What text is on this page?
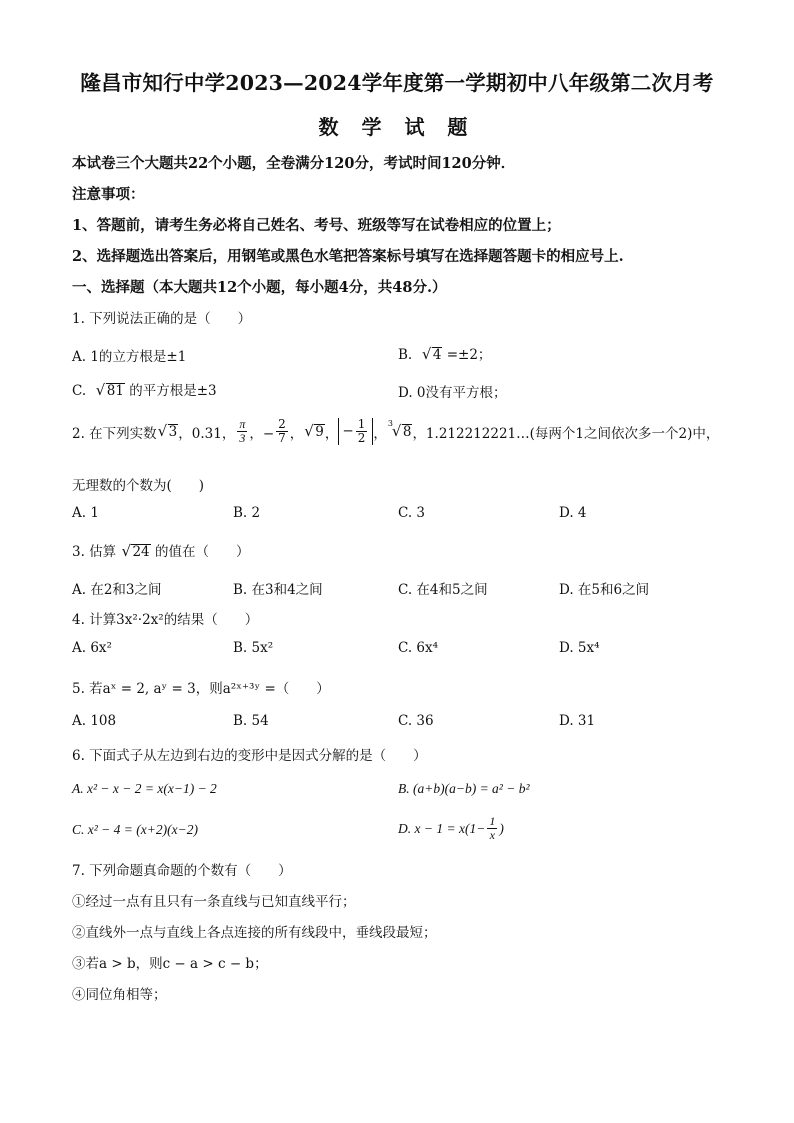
隆昌市知行中学2023—2024学年度第一学期初中八年级第二次月考
数 学 试 题
本试卷三个大题共22个小题，全卷满分120分，考试时间120分钟．
注意事项：
1、答题前，请考生务必将自己姓名、考号、班级等写在试卷相应的位置上；
2、选择题选出答案后，用钢笔或黑色水笔把答案标号填写在选择题答题卡的相应号上.
一、选择题（本大题共12个小题，每小题4分，共48分.）
1. 下列说法正确的是（　　）
A. 1的立方根是±1	B. √ 4 =±2；
C. √ 81 的平方根是±3	D. 0没有平方根；
2. 在下列实数 √ 3 ，0.31， $\frac{\pi}{3}$ ，− $\frac{2}{7}$ ， √ 9 ， − $\frac{1}{2}$ ，
3
√ 8 ，1.212212221…(每两个1之间依次多一个2)中，
无理数的个数为(　　)
A. 1	B. 2	C. 3	D. 4
3. 估算 √ 24 的值在（　　）
A. 在2和3之间	B. 在3和4之间	C. 在4和5之间	D. 在5和6之间
4. 计算3x²·2x²的结果（　　）
A. 6x²	B. 5x²	C. 6x⁴	D. 5x⁴
5. 若aˣ = 2, aʸ = 3，则a²ˣ⁺³ʸ =（　　）
A. 108	B. 54	C. 36	D. 31
6. 下面式子从左边到右边的变形中是因式分解的是（　　）
A. x² − x − 2 = x(x−1) − 2	B. (a+b)(a−b) = a² − b²
C. x² − 4 = (x+2)(x−2)	D. $x - 1 = x(1- \frac{1}{x}$ )
7. 下列命题真命题的个数有（　　）
①经过一点有且只有一条直线与已知直线平行；
②直线外一点与直线上各点连接的所有线段中，垂线段最短；
③若a > b，则c − a > c − b；
④同位角相等；
